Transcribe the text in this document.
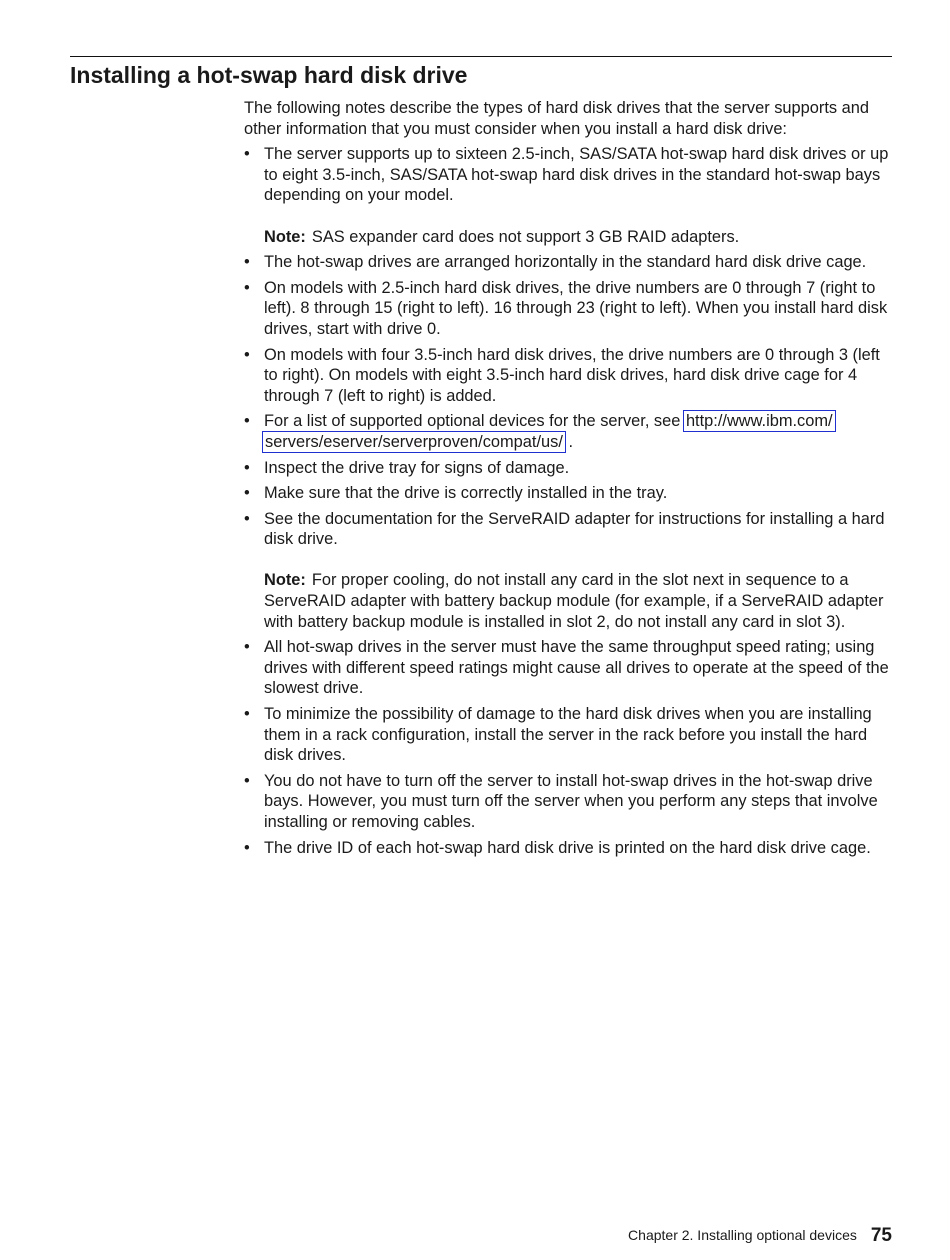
Installing a hot-swap hard disk drive

The following notes describe the types of hard disk drives that the server supports and other information that you must consider when you install a hard disk drive:

• The server supports up to sixteen 2.5-inch, SAS/SATA hot-swap hard disk drives or up to eight 3.5-inch, SAS/SATA hot-swap hard disk drives in the standard hot-swap bays depending on your model.

Note: SAS expander card does not support 3 GB RAID adapters.

• The hot-swap drives are arranged horizontally in the standard hard disk drive cage.
• On models with 2.5-inch hard disk drives, the drive numbers are 0 through 7 (right to left). 8 through 15 (right to left). 16 through 23 (right to left). When you install hard disk drives, start with drive 0.
• On models with four 3.5-inch hard disk drives, the drive numbers are 0 through 3 (left to right). On models with eight 3.5-inch hard disk drives, hard disk drive cage for 4 through 7 (left to right) is added.
• For a list of supported optional devices for the server, see http://www.ibm.com/
servers/eserver/serverproven/compat/us/ .
• Inspect the drive tray for signs of damage.
• Make sure that the drive is correctly installed in the tray.
• See the documentation for the ServeRAID adapter for instructions for installing a hard disk drive.

Note: For proper cooling, do not install any card in the slot next in sequence to a ServeRAID adapter with battery backup module (for example, if a ServeRAID adapter with battery backup module is installed in slot 2, do not install any card in slot 3).

• All hot-swap drives in the server must have the same throughput speed rating; using drives with different speed ratings might cause all drives to operate at the speed of the slowest drive.
• To minimize the possibility of damage to the hard disk drives when you are installing them in a rack configuration, install the server in the rack before you install the hard disk drives.
• You do not have to turn off the server to install hot-swap drives in the hot-swap drive bays. However, you must turn off the server when you perform any steps that involve installing or removing cables.
• The drive ID of each hot-swap hard disk drive is printed on the hard disk drive cage.
Chapter 2. Installing optional devices 75
